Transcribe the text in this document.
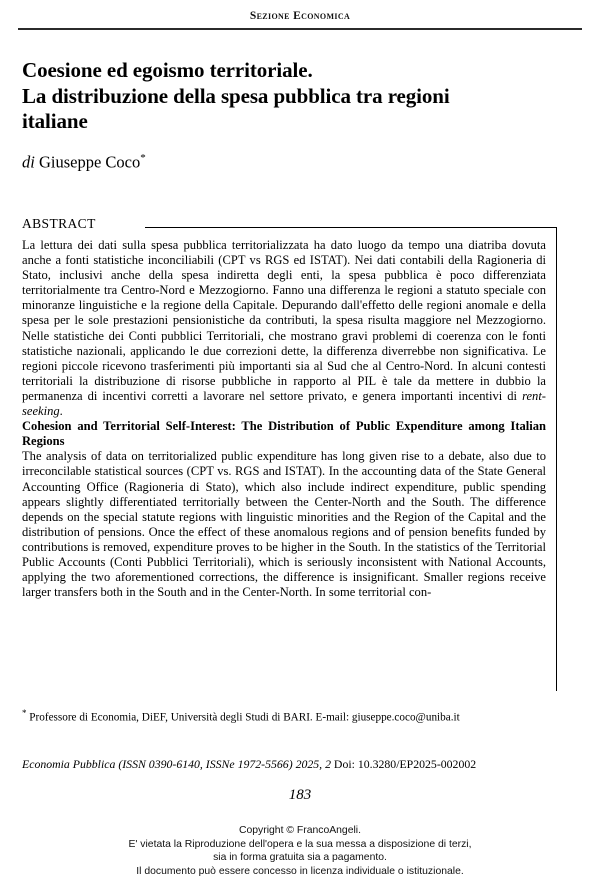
Sezione Economica
Coesione ed egoismo territoriale.
La distribuzione della spesa pubblica tra regioni
italiane
di Giuseppe Coco*
ABSTRACT

La lettura dei dati sulla spesa pubblica territorializzata ha dato luogo da tempo una diatriba dovuta anche a fonti statistiche inconciliabili (CPT vs RGS ed ISTAT). Nei dati contabili della Ragioneria di Stato, inclusivi anche della spesa indiretta degli enti, la spesa pubblica è poco differenziata territorialmente tra Centro-Nord e Mezzogiorno. Fanno una differenza le regioni a statuto speciale con minoranze linguistiche e la regione della Capitale. Depurando dall'effetto delle regioni anomale e della spesa per le sole prestazioni pensionistiche da contributi, la spesa risulta maggiore nel Mezzogiorno. Nelle statistiche dei Conti pubblici Territoriali, che mostrano gravi problemi di coerenza con le fonti statistiche nazionali, applicando le due correzioni dette, la differenza diverrebbe non significativa. Le regioni piccole ricevono trasferimenti più importanti sia al Sud che al Centro-Nord. In alcuni contesti territoriali la distribuzione di risorse pubbliche in rapporto al PIL è tale da mettere in dubbio la permanenza di incentivi corretti a lavorare nel settore privato, e genera importanti incentivi di rent-seeking.

Cohesion and Territorial Self-Interest: The Distribution of Public Expenditure among Italian Regions

The analysis of data on territorialized public expenditure has long given rise to a debate, also due to irreconcilable statistical sources (CPT vs. RGS and ISTAT). In the accounting data of the State General Accounting Office (Ragioneria di Stato), which also include indirect expenditure, public spending appears slightly differentiated territorially between the Center-North and the South. The difference depends on the special statute regions with linguistic minorities and the Region of the Capital and the distribution of pensions. Once the effect of these anomalous regions and of pension benefits funded by contributions is removed, expenditure proves to be higher in the South. In the statistics of the Territorial Public Accounts (Conti Pubblici Territoriali), which is seriously inconsistent with National Accounts, applying the two aforementioned corrections, the difference is insignificant. Smaller regions receive larger transfers both in the South and in the Center-North. In some territorial con-

* Professore di Economia, DiEF, Università degli Studi di BARI. E-mail: giuseppe.coco@uniba.it
Economia Pubblica (ISSN 0390-6140, ISSNe 1972-5566) 2025, 2 Doi: 10.3280/EP2025-002002
183
Copyright © FrancoAngeli.
E' vietata la Riproduzione dell'opera e la sua messa a disposizione di terzi,
sia in forma gratuita sia a pagamento.
Il documento può essere concesso in licenza individuale o istituzionale.
